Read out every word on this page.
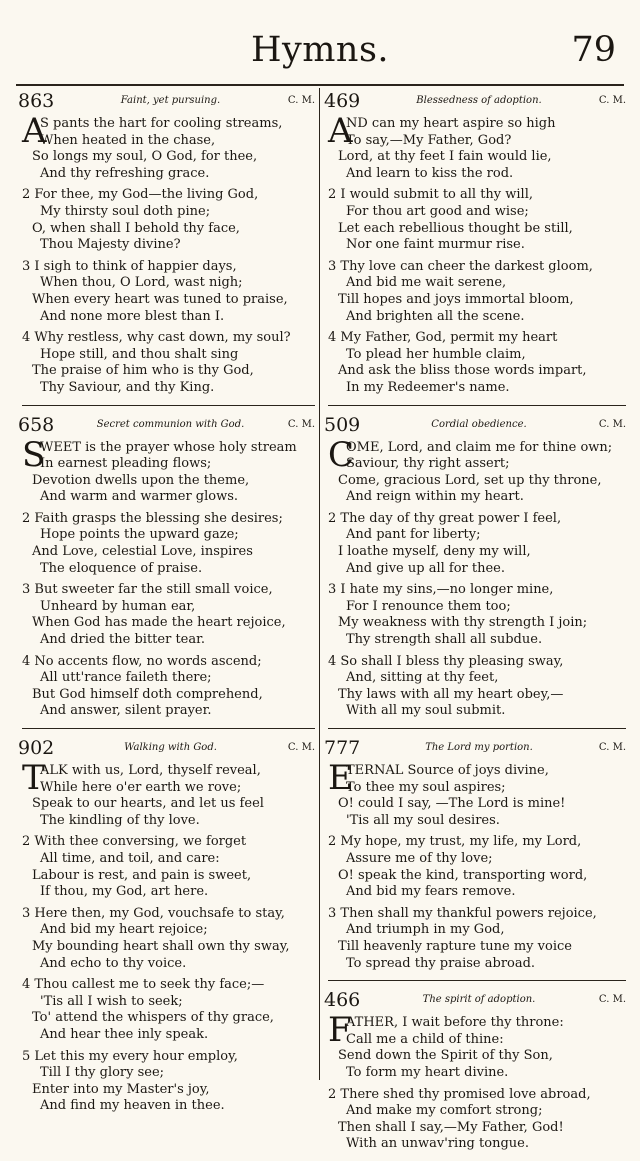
Hymns.	79
863	Faint, yet pursuing.	C. M.
A
S pants the hart for cooling streams,
When heated in the chase,
So longs my soul, O God, for thee,
And thy refreshing grace.
2 For thee, my God—the living God,
My thirsty soul doth pine;
O, when shall I behold thy face,
Thou Majesty divine?
3 I sigh to think of happier days,
When thou, O Lord, wast nigh;
When every heart was tuned to praise,
And none more blest than I.
4 Why restless, why cast down, my soul?
Hope still, and thou shalt sing
The praise of him who is thy God,
Thy Saviour, and thy King.
658	Secret communion with God.	C. M.
S
WEET is the prayer whose holy stream
In earnest pleading flows;
Devotion dwells upon the theme,
And warm and warmer glows.
2 Faith grasps the blessing she desires;
Hope points the upward gaze;
And Love, celestial Love, inspires
The eloquence of praise.
3 But sweeter far the still small voice,
Unheard by human ear,
When God has made the heart rejoice,
And dried the bitter tear.
4 No accents flow, no words ascend;
All utt'rance faileth there;
But God himself doth comprehend,
And answer, silent prayer.
902	Walking with God.	C. M.
T
ALK with us, Lord, thyself reveal,
While here o'er earth we rove;
Speak to our hearts, and let us feel
The kindling of thy love.
2 With thee conversing, we forget
All time, and toil, and care:
Labour is rest, and pain is sweet,
If thou, my God, art here.
3 Here then, my God, vouchsafe to stay,
And bid my heart rejoice;
My bounding heart shall own thy sway,
And echo to thy voice.
4 Thou callest me to seek thy face;—
'Tis all I wish to seek;
To' attend the whispers of thy grace,
And hear thee inly speak.
5 Let this my every hour employ,
Till I thy glory see;
Enter into my Master's joy,
And find my heaven in thee.
469	Blessedness of adoption.	C. M.
A
ND can my heart aspire so high
To say,—My Father, God?
Lord, at thy feet I fain would lie,
And learn to kiss the rod.
2 I would submit to all thy will,
For thou art good and wise;
Let each rebellious thought be still,
Nor one faint murmur rise.
3 Thy love can cheer the darkest gloom,
And bid me wait serene,
Till hopes and joys immortal bloom,
And brighten all the scene.
4 My Father, God, permit my heart
To plead her humble claim,
And ask the bliss those words impart,
In my Redeemer's name.
509	Cordial obedience.	C. M.
C
OME, Lord, and claim me for thine own;
Saviour, thy right assert;
Come, gracious Lord, set up thy throne,
And reign within my heart.
2 The day of thy great power I feel,
And pant for liberty;
I loathe myself, deny my will,
And give up all for thee.
3 I hate my sins,—no longer mine,
For I renounce them too;
My weakness with thy strength I join;
Thy strength shall all subdue.
4 So shall I bless thy pleasing sway,
And, sitting at thy feet,
Thy laws with all my heart obey,—
With all my soul submit.
777	The Lord my portion.	C. M.
E
TERNAL Source of joys divine,
To thee my soul aspires;
O! could I say, —The Lord is mine!
'Tis all my soul desires.
2 My hope, my trust, my life, my Lord,
Assure me of thy love;
O! speak the kind, transporting word,
And bid my fears remove.
3 Then shall my thankful powers rejoice,
And triumph in my God,
Till heavenly rapture tune my voice
To spread thy praise abroad.
466	The spirit of adoption.	C. M.
F
ATHER, I wait before thy throne:
Call me a child of thine:
Send down the Spirit of thy Son,
To form my heart divine.
2 There shed thy promised love abroad,
And make my comfort strong;
Then shall I say,—My Father, God!
With an unwav'ring tongue.
